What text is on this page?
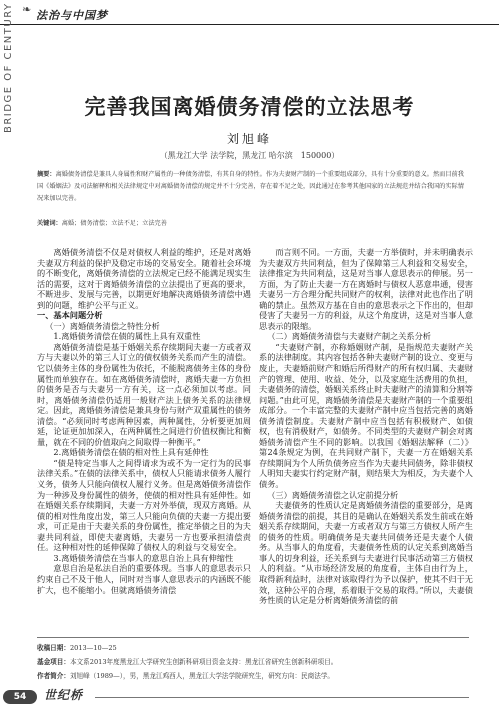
❧ 法治与中国梦
BRIDGE OF CENTURY	完善我国离婚债务清偿的立法思考
刘旭峰
（黑龙江大学 法学院，黑龙江 哈尔滨　150000）
摘要：离婚债务清偿是兼具人身属性和财产属性的一种债务清偿，有其自身的特性。作为夫妻财产制的一个重要组成部分，具有十分重要的意义。然而目前我国《婚姻法》及司法解释和相关法律规定中对离婚债务清偿的规定并不十分完善，存在着不足之处，因此通过在参考其他国家的立法规范并结合我国的实际情况来加以完善。
关键词：离婚；债务清偿；立法不足；立法完善

离婚债务清偿不仅是对债权人利益的维护，还是对离婚夫妻双方利益的保护及稳定市场的交易安全。随着社会环境的不断变化，离婚债务清偿的立法规定已经不能满足现实生活的需要，这对于离婚债务清偿的立法提出了更高的要求，不断进步、发展与完善，以期更好地解决离婚债务清偿中遇到的问题，维护公平与正义。

一、基本问题分析

（一）离婚债务清偿之特性分析

1.离婚债务清偿在债的属性上具有双重性

离婚债务清偿是基于婚姻关系存续期间夫妻一方或者双方与夫妻以外的第三人订立的债权债务关系而产生的清偿。它以债务主体的身份属性为依托，不能脱离债务主体的身份属性而单独存在。如在离婚债务清偿时，离婚夫妻一方负担的债务是否与夫妻另一方有关，这一点必须加以考虑。同时，离婚债务清偿仍适用一般财产法上债务关系的法律规定。因此，离婚债务清偿是兼具身份与财产双重属性的债务清偿。“必须同时考虑两种因素，两种属性，分析要更加周延，论证更加加深入，在两种属性之间进行价值权衡比和衡量，就在不同的价值取向之间取得一种衡平。”

2.离婚债务清偿在债的相对性上具有延伸性

“债是特定当事人之间得请求为或不为一定行为的民事法律关系。”在债的法律关系中，债权人只能请求债务人履行义务，债务人只能向债权人履行义务。但是离婚债务清偿作为一种涉及身份属性的债务，使债的相对性具有延伸性。如在婚姻关系存续期间，夫妻一方对外举债，现双方离婚。从债的相对性角度出发，第三人只能向负债的夫妻一方提出要求，可正是由于夫妻关系的身份属性，推定举债之目的为夫妻共同利益，即使夫妻离婚，夫妻另一方也要承担清偿责任。这种相对性的延伸保障了债权人的利益与交易安全。

3.离婚债务清偿在当事人的意思自治上具有伸缩性

意思自治是私法自治的重要体现。当事人的意思表示只约束自己不及于他人，同时对当事人意思表示的内涵既不能扩大，也不能缩小。但就离婚债务清偿

而言则不同。一方面，夫妻一方举债时，并未明确表示为夫妻双方共同利益，但为了保障第三人利益和交易安全，法律推定为共同利益，这是对当事人意思表示的伸展。另一方面，为了防止夫妻一方在离婚时与债权人恶意串通，侵害夫妻另一方合理分配共同财产的权利，法律对此也作出了明确的禁止。虽然双方基在自由的意思表示之下作出的，但却侵害了夫妻另一方的利益，从这个角度讲，这是对当事人意思表示的限缩。

（二）离婚债务清偿与夫妻财产制之关系分析

“夫妻财产制，亦称婚姻财产制，是指规范夫妻财产关系的法律制度。其内容包括各种夫妻财产制的设立、变更与废止，夫妻婚前财产和婚后所得财产的所有权归属、夫妻财产的管理、使用、收益、处分，以及家庭生活费用的负担，夫妻债务的清偿，婚姻关系终止时夫妻财产的清算和分割等问题。”由此可见，离婚债务清偿是夫妻财产制的一个重要组成部分。一个丰富完整的夫妻财产制中应当包括完善的离婚债务清偿制度。夫妻财产制中应当包括有积极财产、如债权，也有消极财产，如债务。不同类型的夫妻财产制会对离婚债务清偿产生不同的影响。以我国《婚姻法解释（二）》第24条规定为例，在共同财产制下，夫妻一方在婚姻关系存续期间为个人所负债务应当作为夫妻共同债务，除非债权人明知夫妻实行约定财产制，则结果大为相反，为夫妻个人债务。

（三）离婚债务清偿之认定前提分析

夫妻债务的性质认定是离婚债务清偿的重要部分，是离婚债务清偿的前提，其目的是确认在婚姻关系发生前或在婚姻关系存续期间，夫妻一方或者双方与第三方债权人所产生的债务的性质。明确债务是夫妻共同债务还是夫妻个人债务。从当事人的角度看，夫妻债务性质的认定关系到离婚当事人的切身利益，还关系到与夫妻进行民事活动第三方债权人的利益。“从市场经济发展的角度看，主体自由行为上，取得新利益时，法律对该取得行为予以保护，使其不归于无效，这种公平的合理，系着眼于交易的取得。”所以，夫妻债务性质的认定是分析离婚债务清偿的前

收稿日期：2013—10—25
基金项目：本文系2013年度黑龙江大学研究生创新科研项目资金支持：黑龙江省研究生创新科研项目。
作者简介：刘旭峰（1989—），男，黑龙江鸡西人，黑龙江大学法学院研究生，研究方向：民商法学。
54	世纪桥
